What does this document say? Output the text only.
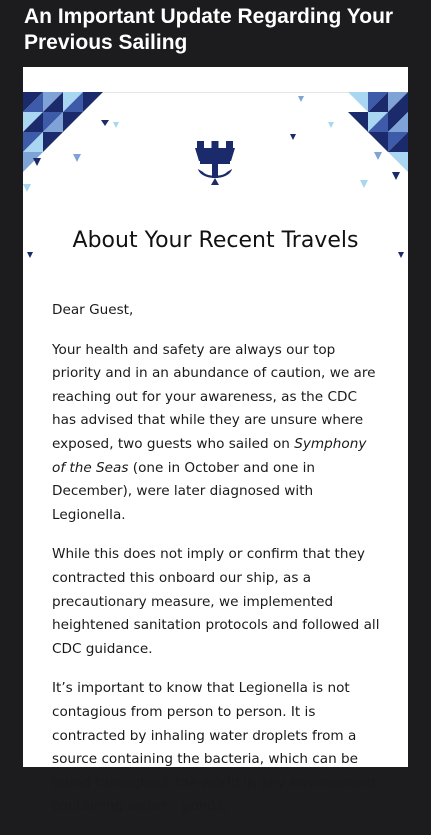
An Important Update Regarding Your Previous Sailing
About Your Recent Travels

Dear Guest,

Your health and safety are always our top priority and in an abundance of caution, we are reaching out for your awareness, as the CDC has advised that while they are unsure where exposed, two guests who sailed on Symphony of the Seas (one in October and one in December), were later diagnosed with Legionella.

While this does not imply or confirm that they contracted this onboard our ship, as a precautionary measure, we implemented heightened sanitation protocols and followed all CDC guidance.

It’s important to know that Legionella is not contagious from person to person. It is contracted by inhaling water droplets from a source containing the bacteria, which can be found throughout the world in any environment containing water – ponds,
